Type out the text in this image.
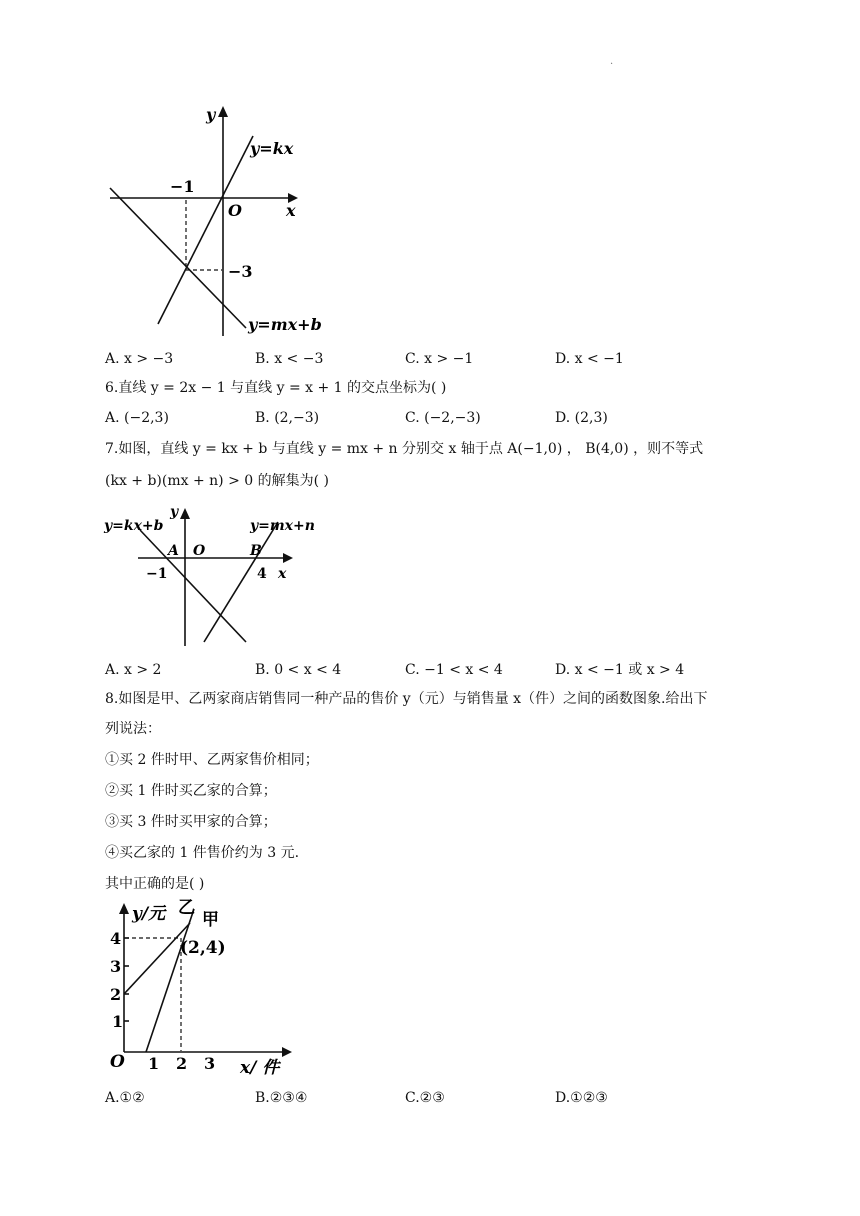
.
y
O	x
−1
−3
y=kx
y=mx+b
A. x > −3	B. x < −3	C. x > −1	D. x < −1
6.直线 y = 2x − 1 与直线 y = x + 1 的交点坐标为( )
A. (−2,3)	B. (2,−3)	C. (−2,−3)	D. (2,3)
7.如图，直线 y = kx + b 与直线 y = mx + n 分别交 x 轴于点 A(−1,0) ， B(4,0) ，则不等式
(kx + b)(mx + n) > 0 的解集为( )
y=kx+b	y=mx+n
y
A O	B
−1	4 x
A. x > 2	B. 0 < x < 4	C. −1 < x < 4	D. x < −1 或 x > 4
8.如图是甲、乙两家商店销售同一种产品的售价 y（元）与销售量 x（件）之间的函数图象.给出下
列说法：
①买 2 件时甲、乙两家售价相同；
②买 1 件时买乙家的合算；
③买 3 件时买甲家的合算；
④买乙家的 1 件售价约为 3 元.
其中正确的是( )
y/元 乙
甲
(2,4)
4
3
2
1
O 1 2 3 x/ 件
A.①②	B.②③④	C.②③	D.①②③
